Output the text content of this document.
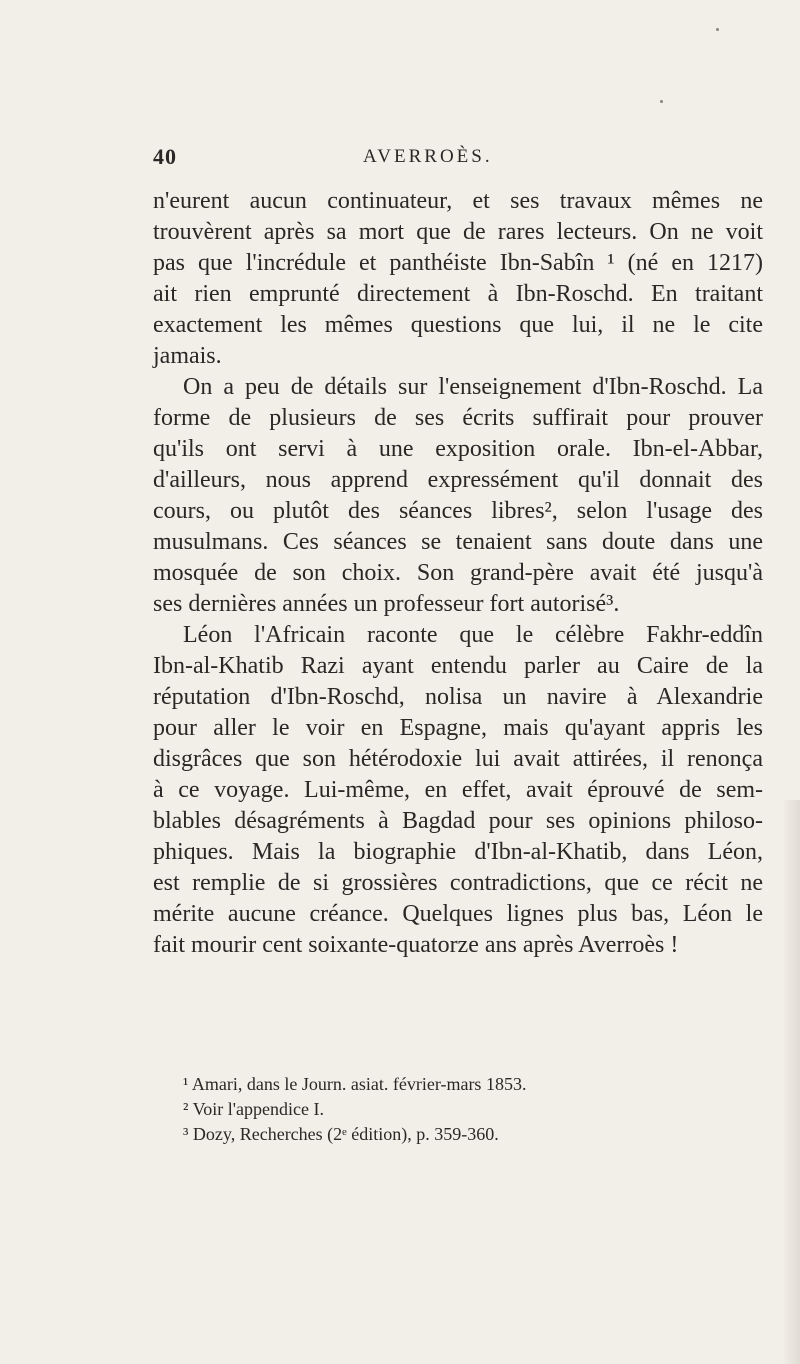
40	AVERROÈS.
n'eurent aucun continuateur, et ses travaux mêmes ne
trouvèrent après sa mort que de rares lecteurs. On ne voit
pas que l'incrédule et panthéiste Ibn-Sabîn ¹ (né en 1217)
ait rien emprunté directement à Ibn-Roschd. En traitant
exactement les mêmes questions que lui, il ne le cite
jamais.
On a peu de détails sur l'enseignement d'Ibn-Roschd. La
forme de plusieurs de ses écrits suffirait pour prouver
qu'ils ont servi à une exposition orale. Ibn-el-Abbar,
d'ailleurs, nous apprend expressément qu'il donnait des
cours, ou plutôt des séances libres², selon l'usage des
musulmans. Ces séances se tenaient sans doute dans une
mosquée de son choix. Son grand-père avait été jusqu'à
ses dernières années un professeur fort autorisé³.
Léon l'Africain raconte que le célèbre Fakhr-eddîn
Ibn-al-Khatib Razi ayant entendu parler au Caire de la
réputation d'Ibn-Roschd, nolisa un navire à Alexandrie
pour aller le voir en Espagne, mais qu'ayant appris les
disgrâces que son hétérodoxie lui avait attirées, il renonça
à ce voyage. Lui-même, en effet, avait éprouvé de sem-
blables désagréments à Bagdad pour ses opinions philoso-
phiques. Mais la biographie d'Ibn-al-Khatib, dans Léon,
est remplie de si grossières contradictions, que ce récit ne
mérite aucune créance. Quelques lignes plus bas, Léon le
fait mourir cent soixante-quatorze ans après Averroès !
¹ Amari, dans le Journ. asiat. février-mars 1853.
² Voir l'appendice I.
³ Dozy, Recherches (2ᵉ édition), p. 359-360.
